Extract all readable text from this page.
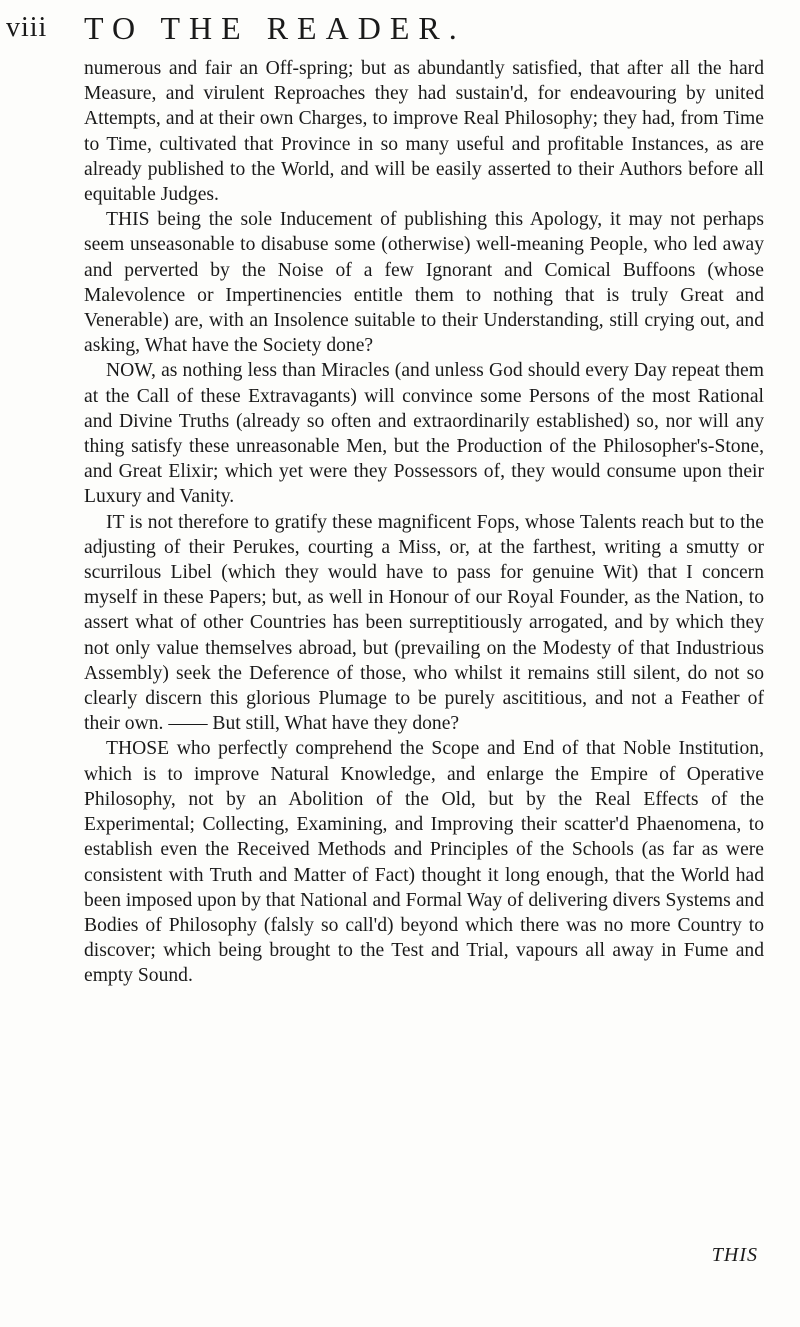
viii TO THE READER.

numerous and fair an Off-spring; but as abundantly satisfied, that after all the hard Measure, and virulent Reproaches they had sustain'd, for endeavouring by united Attempts, and at their own Charges, to improve Real Philosophy; they had, from Time to Time, cultivated that Province in so many useful and profitable Instances, as are already published to the World, and will be easily asserted to their Authors before all equitable Judges.

THIS being the sole Inducement of publishing this Apology, it may not perhaps seem unseasonable to disabuse some (otherwise) well-meaning People, who led away and perverted by the Noise of a few Ignorant and Comical Buffoons (whose Malevolence or Impertinencies entitle them to nothing that is truly Great and Venerable) are, with an Insolence suitable to their Understanding, still crying out, and asking, What have the Society done?

NOW, as nothing less than Miracles (and unless God should every Day repeat them at the Call of these Extravagants) will convince some Persons of the most Rational and Divine Truths (already so often and extraordinarily established) so, nor will any thing satisfy these unreasonable Men, but the Production of the Philosopher's-Stone, and Great Elixir; which yet were they Possessors of, they would consume upon their Luxury and Vanity.

IT is not therefore to gratify these magnificent Fops, whose Talents reach but to the adjusting of their Perukes, courting a Miss, or, at the farthest, writing a smutty or scurrilous Libel (which they would have to pass for genuine Wit) that I concern myself in these Papers; but, as well in Honour of our Royal Founder, as the Nation, to assert what of other Countries has been surreptitiously arrogated, and by which they not only value themselves abroad, but (prevailing on the Modesty of that Industrious Assembly) seek the Deference of those, who whilst it remains still silent, do not so clearly discern this glorious Plumage to be purely ascititious, and not a Feather of their own. —— But still, What have they done?

THOSE who perfectly comprehend the Scope and End of that Noble Institution, which is to improve Natural Knowledge, and enlarge the Empire of Operative Philosophy, not by an Abolition of the Old, but by the Real Effects of the Experimental; Collecting, Examining, and Improving their scatter'd Phaenomena, to establish even the Received Methods and Principles of the Schools (as far as were consistent with Truth and Matter of Fact) thought it long enough, that the World had been imposed upon by that National and Formal Way of delivering divers Systems and Bodies of Philosophy (falsly so call'd) beyond which there was no more Country to discover; which being brought to the Test and Trial, vapours all away in Fume and empty Sound.

THIS
